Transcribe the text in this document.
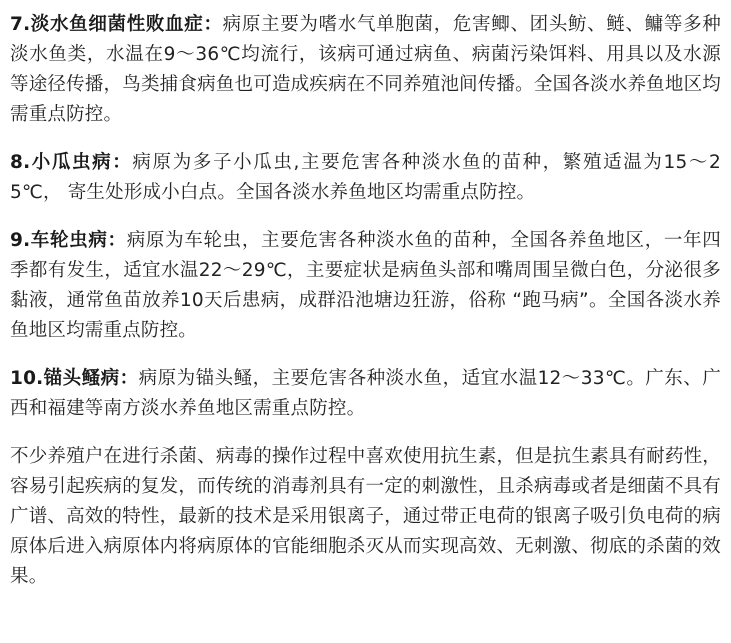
7.淡水鱼细菌性败血症：病原主要为嗜水气单胞菌，危害鲫、团头鲂、鲢、鳙等多种淡水鱼类，水温在9～36℃均流行，该病可通过病鱼、病菌污染饵料、用具以及水源等途径传播，鸟类捕食病鱼也可造成疾病在不同养殖池间传播。全国各淡水养鱼地区均需重点防控。

8.小瓜虫病：病原为多子小瓜虫,主要危害各种淡水鱼的苗种，繁殖适温为15～25℃， 寄生处形成小白点。全国各淡水养鱼地区均需重点防控。

9.车轮虫病：病原为车轮虫，主要危害各种淡水鱼的苗种，全国各养鱼地区，一年四季都有发生，适宜水温22～29℃，主要症状是病鱼头部和嘴周围呈微白色，分泌很多黏液，通常鱼苗放养10天后患病，成群沿池塘边狂游，俗称 “跑马病”。全国各淡水养鱼地区均需重点防控。

10.锚头鳋病：病原为锚头鳋，主要危害各种淡水鱼，适宜水温12～33℃。广东、广西和福建等南方淡水养鱼地区需重点防控。

不少养殖户在进行杀菌、病毒的操作过程中喜欢使用抗生素，但是抗生素具有耐药性，容易引起疾病的复发，而传统的消毒剂具有一定的刺激性，且杀病毒或者是细菌不具有广谱、高效的特性，最新的技术是采用银离子，通过带正电荷的银离子吸引负电荷的病原体后进入病原体内将病原体的官能细胞杀灭从而实现高效、无刺激、彻底的杀菌的效果。
